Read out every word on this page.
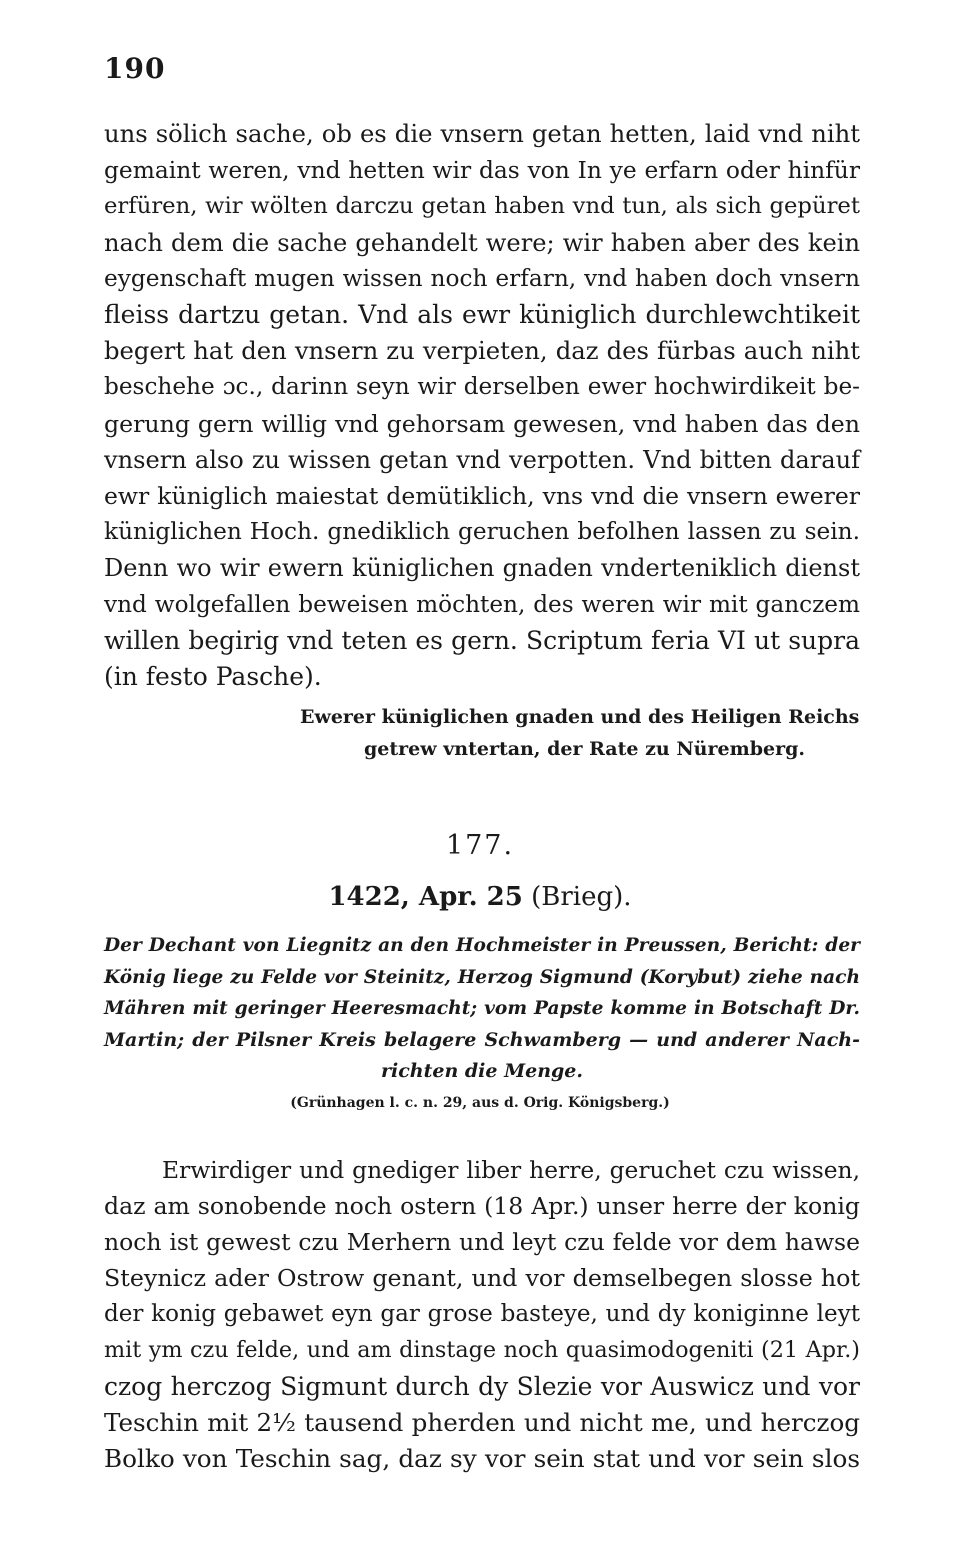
190
uns sölich sache, ob es die vnsern getan hetten, laid vnd niht
gemaint weren, vnd hetten wir das von In ye erfarn oder hinfür
erfüren, wir wölten darczu getan haben vnd tun, als sich gepüret
nach dem die sache gehandelt were; wir haben aber des kein
eygenschaft mugen wissen noch erfarn, vnd haben doch vnsern
fleiss dartzu getan. Vnd als ewr küniglich durchlewchtikeit
begert hat den vnsern zu verpieten, daz des fürbas auch niht
beschehe ɔc., darinn seyn wir derselben ewer hochwirdikeit be-
gerung gern willig vnd gehorsam gewesen, vnd haben das den
vnsern also zu wissen getan vnd verpotten. Vnd bitten darauf
ewr küniglich maiestat demütiklich, vns vnd die vnsern ewerer
küniglichen Hoch. gnediklich geruchen befolhen lassen zu sein.
Denn wo wir ewern küniglichen gnaden vnderteniklich dienst
vnd wolgefallen beweisen möchten, des weren wir mit ganczem
willen begirig vnd teten es gern. Scriptum feria VI ut supra
(in festo Pasche).
Ewerer küniglichen gnaden und des Heiligen Reichs
getrew vntertan, der Rate zu Nüremberg.
177.
1422, Apr. 25 (Brieg).
Der Dechant von Liegnitz an den Hochmeister in Preussen, Bericht: der
König liege zu Felde vor Steinitz, Herzog Sigmund (Korybut) ziehe nach
Mähren mit geringer Heeresmacht; vom Papste komme in Botschaft Dr.
Martin; der Pilsner Kreis belagere Schwamberg — und anderer Nach-
richten die Menge.
(Grünhagen l. c. n. 29, aus d. Orig. Königsberg.)
Erwirdiger und gnediger liber herre, geruchet czu wissen,
daz am sonobende noch ostern (18 Apr.) unser herre der konig
noch ist gewest czu Merhern und leyt czu felde vor dem hawse
Steynicz ader Ostrow genant, und vor demselbegen slosse hot
der konig gebawet eyn gar grose basteye, und dy koniginne leyt
mit ym czu felde, und am dinstage noch quasimodogeniti (21 Apr.)
czog herczog Sigmunt durch dy Slezie vor Auswicz und vor
Teschin mit 2½ tausend pherden und nicht me, und herczog
Bolko von Teschin sag, daz sy vor sein stat und vor sein slos
